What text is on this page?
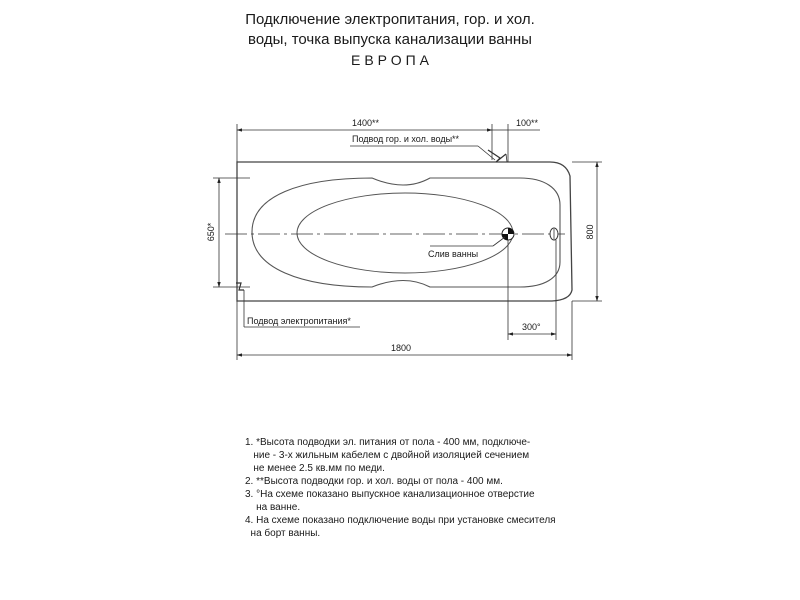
Подключение электропитания, гор. и хол.
воды, точка выпуска канализации ванны
ЕВРОПА
1400**	100**
Подвод гор. и хол. воды**
650*	800
300°
Слив ванны
Подвод электропитания*
1800
1. *Высота подводки эл. питания от пола - 400 мм, подключе-
ние - 3-х жильным кабелем с двойной изоляцией сечением
не менее 2.5 кв.мм по меди.
2. **Высота подводки гор. и хол. воды от пола - 400 мм.
3. °На схеме показано выпускное канализационное отверстие
на ванне.
4. На схеме показано подключение воды при установке смесителя
на борт ванны.
